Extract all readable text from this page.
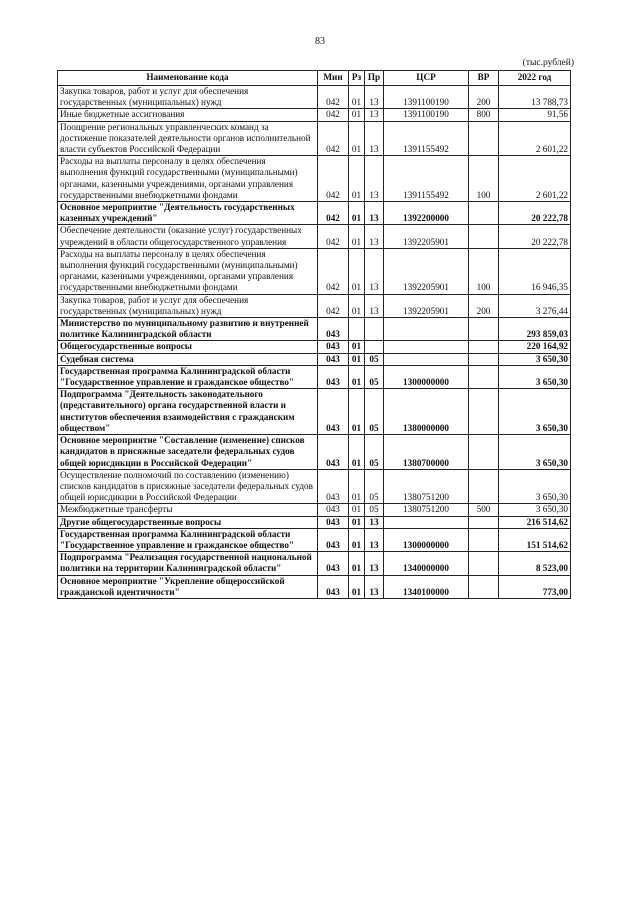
83
(тыс.рублей)
Наименование кода	Мин	Рз	Пр	ЦСР	ВР	2022 год
Закупка товаров, работ и услуг для обеспечения государственных (муниципальных) нужд	042	01	13	1391100190	200	13 788,73
Иные бюджетные ассигнования	042	01	13	1391100190	800	91,56
Поощрение региональных управленческих команд за достижение показателей деятельности органов исполнительной власти субъектов Российской Федерации	042	01	13	1391155492		2 601,22
Расходы на выплаты персоналу в целях обеспечения выполнения функций государственными (муниципальными) органами, казенными учреждениями, органами управления государственными внебюджетными фондами	042	01	13	1391155492	100	2 601,22
Основное мероприятие "Деятельность государственных казенных учреждений"	042	01	13	1392200000		20 222,78
Обеспечение деятельности (оказание услуг) государственных учреждений в области общегосударственного управления	042	01	13	1392205901		20 222,78
Расходы на выплаты персоналу в целях обеспечения выполнения функций государственными (муниципальными) органами, казенными учреждениями, органами управления государственными внебюджетными фондами	042	01	13	1392205901	100	16 946,35
Закупка товаров, работ и услуг для обеспечения государственных (муниципальных) нужд	042	01	13	1392205901	200	3 276,44
Министерство по муниципальному развитию и внутренней политике Калининградской области	043					293 859,03
Общегосударственные вопросы	043	01				220 164,92
Судебная система	043	01	05			3 650,30
Государственная программа Калининградской области "Государственное управление и гражданское общество"	043	01	05	1300000000		3 650,30
Подпрограмма "Деятельность законодательного (представительного) органа государственной власти и институтов обеспечения взаимодействия с гражданским обществом"	043	01	05	1380000000		3 650,30
Основное мероприятие "Составление (изменение) списков кандидатов в присяжные заседатели федеральных судов общей юрисдикции в Российской Федерации"	043	01	05	1380700000		3 650,30
Осуществление полномочий по составлению (изменению) списков кандидатов в присяжные заседатели федеральных судов общей юрисдикции в Российской Федерации	043	01	05	1380751200		3 650,30
Межбюджетные трансферты	043	01	05	1380751200	500	3 650,30
Другие общегосударственные вопросы	043	01	13			216 514,62
Государственная программа Калининградской области "Государственное управление и гражданское общество"	043	01	13	1300000000		151 514,62
Подпрограмма "Реализация государственной национальной политики на территории Калининградской области"	043	01	13	1340000000		8 523,00
Основное мероприятие "Укрепление общероссийской гражданской идентичности"	043	01	13	1340100000		773,00
